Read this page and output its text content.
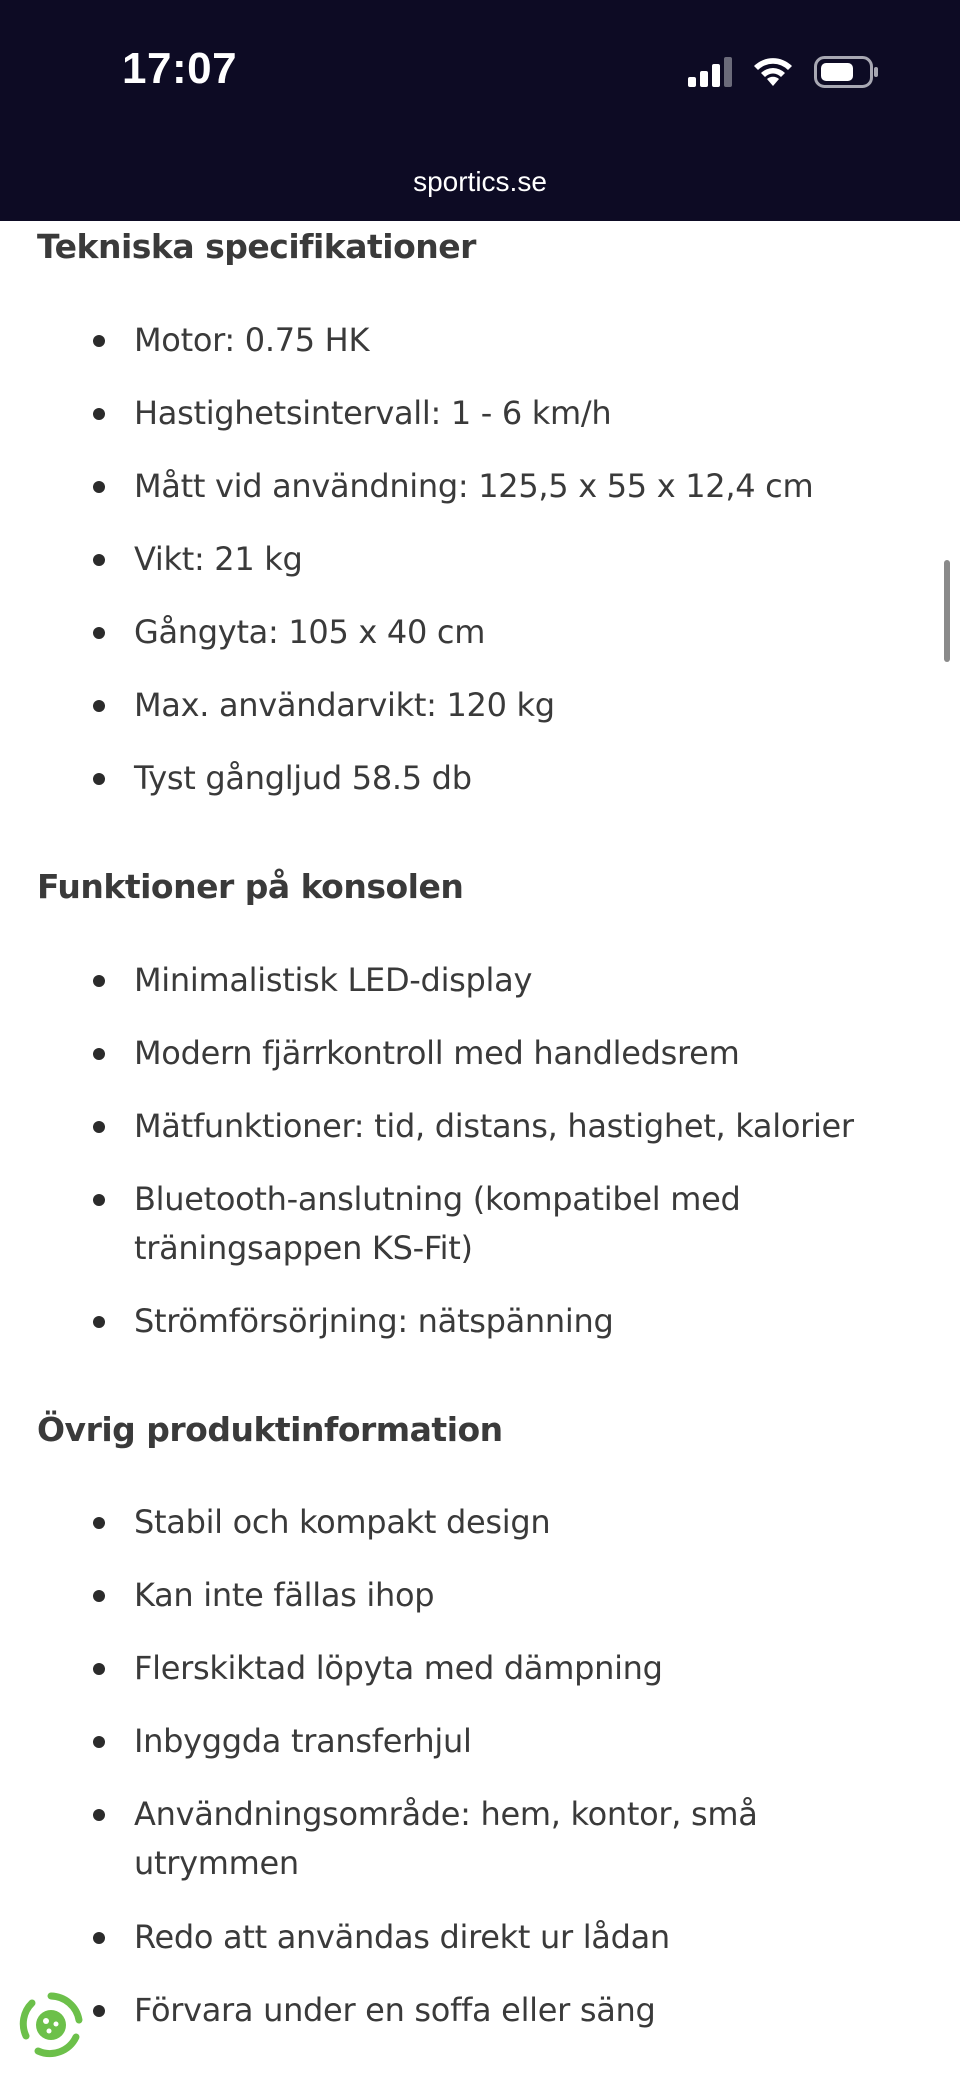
17:07
sportics.se
Tekniska specifikationer
Motor: 0.75 HK
Hastighetsintervall: 1 - 6 km/h
Mått vid användning: 125,5 x 55 x 12,4 cm
Vikt: 21 kg
Gångyta: 105 x 40 cm
Max. användarvikt: 120 kg
Tyst gångljud 58.5 db
Funktioner på konsolen
Minimalistisk LED-display
Modern fjärrkontroll med handledsrem
Mätfunktioner: tid, distans, hastighet, kalorier
Bluetooth-anslutning (kompatibel med träningsappen KS-Fit)
Strömförsörjning: nätspänning
Övrig produktinformation
Stabil och kompakt design
Kan inte fällas ihop
Flerskiktad löpyta med dämpning
Inbyggda transferhjul
Användningsområde: hem, kontor, små utrymmen
Redo att användas direkt ur lådan
Förvara under en soffa eller säng
